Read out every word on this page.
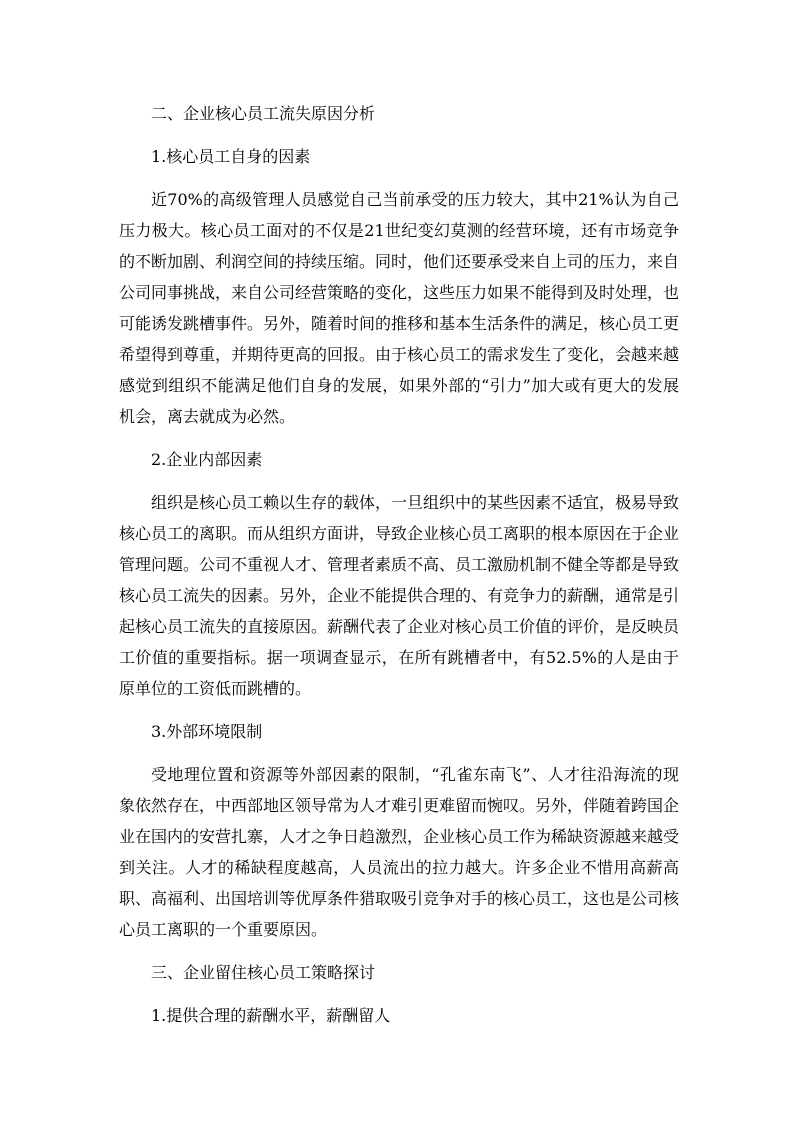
二、企业核心员工流失原因分析

1.核心员工自身的因素

近70%的高级管理人员感觉自己当前承受的压力较大，其中21%认为自己压力极大。核心员工面对的不仅是21世纪变幻莫测的经营环境，还有市场竞争的不断加剧、利润空间的持续压缩。同时，他们还要承受来自上司的压力，来自公司同事挑战，来自公司经营策略的变化，这些压力如果不能得到及时处理，也可能诱发跳槽事件。另外，随着时间的推移和基本生活条件的满足，核心员工更希望得到尊重，并期待更高的回报。由于核心员工的需求发生了变化，会越来越感觉到组织不能满足他们自身的发展，如果外部的“引力”加大或有更大的发展机会，离去就成为必然。

2.企业内部因素

组织是核心员工赖以生存的载体，一旦组织中的某些因素不适宜，极易导致核心员工的离职。而从组织方面讲，导致企业核心员工离职的根本原因在于企业管理问题。公司不重视人才、管理者素质不高、员工激励机制不健全等都是导致核心员工流失的因素。另外，企业不能提供合理的、有竞争力的薪酬，通常是引起核心员工流失的直接原因。薪酬代表了企业对核心员工价值的评价，是反映员工价值的重要指标。据一项调查显示，在所有跳槽者中，有52.5%的人是由于原单位的工资低而跳槽的。

3.外部环境限制

受地理位置和资源等外部因素的限制，“孔雀东南飞”、人才往沿海流的现象依然存在，中西部地区领导常为人才难引更难留而惋叹。另外，伴随着跨国企业在国内的安营扎寨，人才之争日趋激烈，企业核心员工作为稀缺资源越来越受到关注。人才的稀缺程度越高，人员流出的拉力越大。许多企业不惜用高薪高职、高福利、出国培训等优厚条件猎取吸引竞争对手的核心员工，这也是公司核心员工离职的一个重要原因。

三、企业留住核心员工策略探讨

1.提供合理的薪酬水平，薪酬留人
